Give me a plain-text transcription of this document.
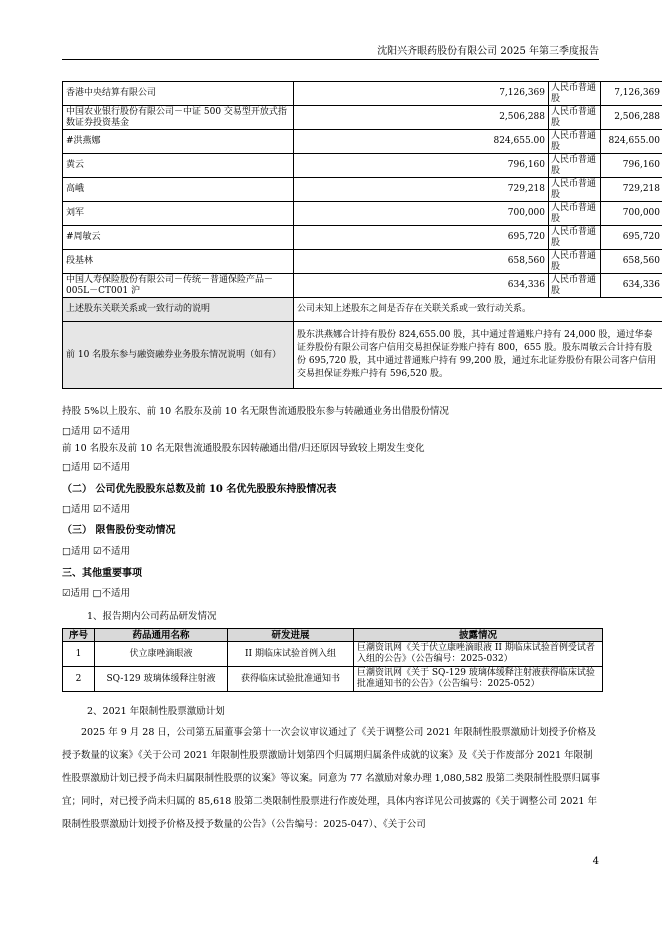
沈阳兴齐眼药股份有限公司 2025 年第三季度报告
香港中央结算有限公司	7,126,369	人民币普通股	7,126,369
中国农业银行股份有限公司－中证 500 交易型开放式指数证券投资基金	2,506,288	人民币普通股	2,506,288
#洪燕娜	824,655.00	人民币普通股	824,655.00
黄云	796,160	人民币普通股	796,160
高峨	729,218	人民币普通股	729,218
刘军	700,000	人民币普通股	700,000
#周敏云	695,720	人民币普通股	695,720
段基林	658,560	人民币普通股	658,560
中国人寿保险股份有限公司－传统－普通保险产品－005L－CT001 沪	634,336	人民币普通股	634,336
上述股东关联关系或一致行动的说明	公司未知上述股东之间是否存在关联关系或一致行动关系。		
前 10 名股东参与融资融券业务股东情况说明（如有）	股东洪燕娜合计持有股份 824,655.00 股，其中通过普通账户持有 24,000 股，通过华泰证券股份有限公司客户信用交易担保证券账户持有 800，655 股。股东周敏云合计持有股份 695,720 股，其中通过普通账户持有 99,200 股，通过东北证券股份有限公司客户信用交易担保证券账户持有 596,520 股。		
持股 5%以上股东、前 10 名股东及前 10 名无限售流通股股东参与转融通业务出借股份情况
□适用 ☑不适用
前 10 名股东及前 10 名无限售流通股股东因转融通出借/归还原因导致较上期发生变化
□适用 ☑不适用
（二） 公司优先股股东总数及前 10 名优先股股东持股情况表
□适用 ☑不适用
（三） 限售股份变动情况
□适用 ☑不适用
三、其他重要事项
☑适用 □不适用
1、报告期内公司药品研发情况
序号	药品通用名称	研发进展	披露情况
1	伏立康唑滴眼液	II 期临床试验首例入组	巨潮资讯网《关于伏立康唑滴眼液 II 期临床试验首例受试者入组的公告》（公告编号：2025-032）
2	SQ-129 玻璃体缓释注射液	获得临床试验批准通知书	巨潮资讯网《关于 SQ-129 玻璃体缓释注射液获得临床试验批准通知书的公告》（公告编号：2025-052）
2、2021 年限制性股票激励计划
2025 年 9 月 28 日，公司第五届董事会第十一次会议审议通过了《关于调整公司 2021 年限制性股票激励计划授予价格及授予数量的议案》《关于公司 2021 年限制性股票激励计划第四个归属期归属条件成就的议案》及《关于作废部分 2021 年限制性股票激励计划已授予尚未归属限制性股票的议案》等议案。同意为 77 名激励对象办理 1,080,582 股第二类限制性股票归属事宜；同时，对已授予尚未归属的 85,618 股第二类限制性股票进行作废处理，具体内容详见公司披露的《关于调整公司 2021 年限制性股票激励计划授予价格及授予数量的公告》（公告编号：2025-047）、《关于公司
4
